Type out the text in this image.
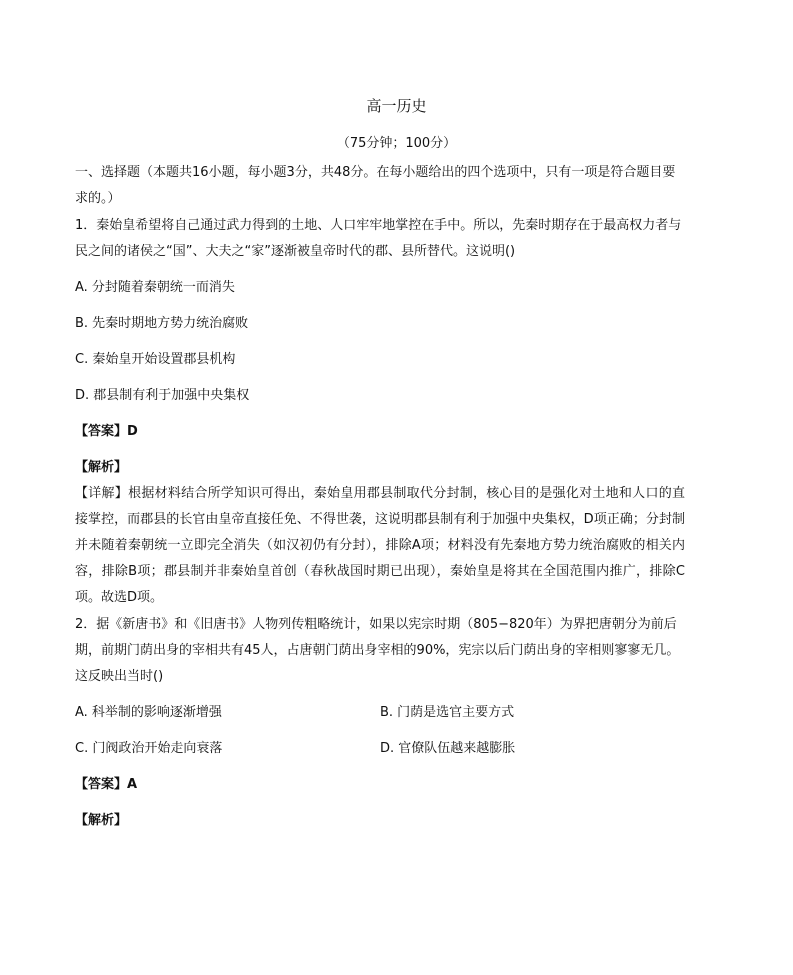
高一历史
（75分钟；100分）

一、选择题（本题共16小题，每小题3分，共48分。在每小题给出的四个选项中，只有一项是符合题目要求的。）

1．秦始皇希望将自己通过武力得到的土地、人口牢牢地掌控在手中。所以，先秦时期存在于最高权力者与民之间的诸侯之“国”、大夫之“家”逐渐被皇帝时代的郡、县所替代。这说明()

A. 分封随着秦朝统一而消失
B. 先秦时期地方势力统治腐败
C. 秦始皇开始设置郡县机构
D. 郡县制有利于加强中央集权
【答案】D
【解析】

【详解】根据材料结合所学知识可得出，秦始皇用郡县制取代分封制，核心目的是强化对土地和人口的直接掌控，而郡县的长官由皇帝直接任免、不得世袭，这说明郡县制有利于加强中央集权，D项正确；分封制并未随着秦朝统一立即完全消失（如汉初仍有分封），排除A项；材料没有先秦地方势力统治腐败的相关内容，排除B项；郡县制并非秦始皇首创（春秋战国时期已出现），秦始皇是将其在全国范围内推广，排除C项。故选D项。

2．据《新唐书》和《旧唐书》人物列传粗略统计，如果以宪宗时期（805−820年）为界把唐朝分为前后期，前期门荫出身的宰相共有45人，占唐朝门荫出身宰相的90%，宪宗以后门荫出身的宰相则寥寥无几。这反映出当时()

A. 科举制的影响逐渐增强	B. 门荫是选官主要方式
C. 门阀政治开始走向衰落	D. 官僚队伍越来越膨胀
【答案】A
【解析】
